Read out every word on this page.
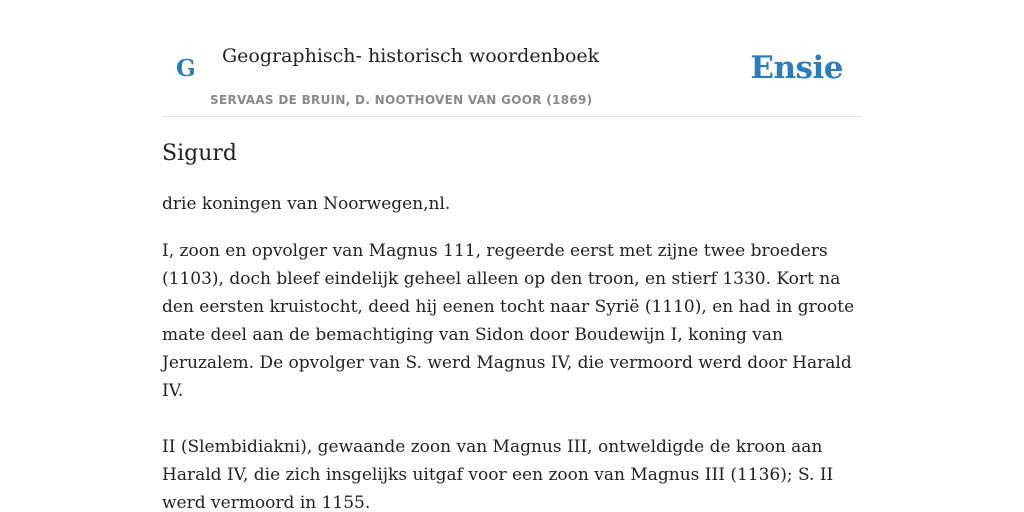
G Geographisch- historisch woordenboek
SERVAAS DE BRUIN, D. NOOTHOVEN VAN GOOR (1869)
Ensie
Sigurd

drie koningen van Noorwegen,nl.

I, zoon en opvolger van Magnus 111, regeerde eerst met zijne twee broeders (1103), doch bleef eindelijk geheel alleen op den troon, en stierf 1330. Kort na den eersten kruistocht, deed hij eenen tocht naar Syrië (1110), en had in groote mate deel aan de bemachtiging van Sidon door Boudewijn I, koning van Jeruzalem. De opvolger van S. werd Magnus IV, die vermoord werd door Harald IV.

II (Slembidiakni), gewaande zoon van Magnus III, ontweldigde de kroon aan Harald IV, die zich insgelijks uitgaf voor een zoon van Magnus III (1136); S. II werd vermoord in 1155.
